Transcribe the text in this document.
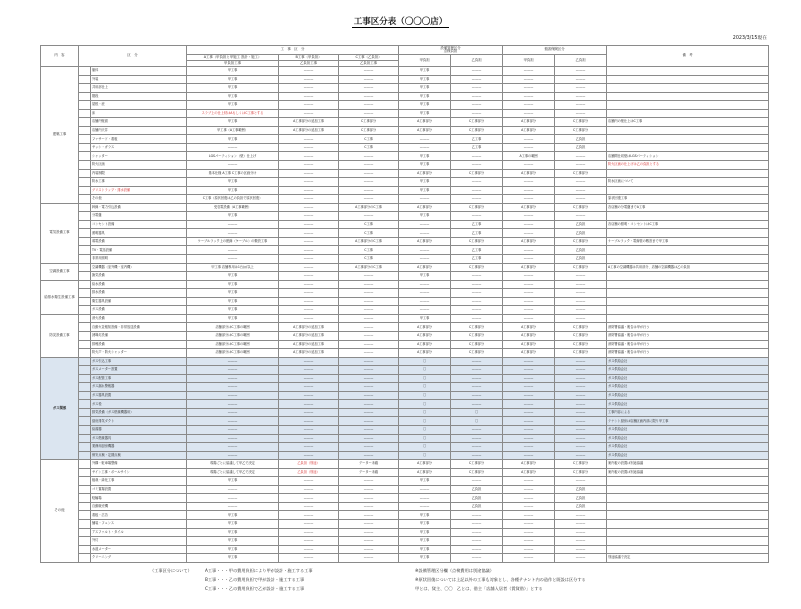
工事区分表（〇〇〇店）
2023/3/15現在
内　容	区　分		工　事　区　分			設備管理区分
点検負担		損害保険区分		備　考
			A工事（甲負担と甲施工 設計・施工）	B工事（甲負担）	C工事（乙負担）	甲負担	乙負担	甲負担	乙負担	
			甲負担工事	乙負担工事	乙負担工事					
建築工事		躯体	甲工事	———	———	甲工事	———	———	———	
		外装	甲工事	———	———	甲工事	———	———	———	
		共用部仕上	甲工事	———	———	甲工事	———	———	———	
		階段	甲工事	———	———	甲工事	———	———	———	
		屋根・庇	甲工事	———	———	甲工事	———	———	———	
		床	スラブ上の仕上材はAもしくはC工事とする	———	———	甲工事	———	———	———	
		店舗内壁面	甲工事	A工事部分の追加工事	C工事部分	A工事部分	C工事部分	A工事部分	C工事部分	店舗内の壁仕上はC工事
		店舗内天井	甲工事（A工事範囲）	A工事部分の追加工事	C工事部分	A工事部分	C工事部分	A工事部分	C工事部分	
		ファサード・看板	甲工事	———	C工事	———	乙工事	———	乙負担	
		サッシ・ガラス	———	———	C工事	———	乙工事	———	乙負担	
		シャッター	LGSパーティション（壁）仕上げ	———	———	甲工事	———	A工事の範囲	———	店舗間仕切壁はLGSパーティション
		防火区画	———	———	———	甲工事	———	———	———	防火区画の仕上げは乙の負担とする
		内装制限	基本仕様 A工事 C工事の区画分け	———	———	A工事部分	C工事部分	A工事部分	C工事部分	
		防水工事	甲工事	———	———	甲工事	———	———	———	防水区画について
		グリストラップ・排水設備	甲工事	———	———	甲工事	———	———	———	
		その他	C工事（原状回復は乙の負担で原状回復）	———	———	———	———	———	———	原状回復工事
電気設備工事		幹線・電力引込設備	受変電設備（A工事範囲）	———	A工事部分のC工事	A工事部分	C工事部分	A工事部分	C工事部分	各店舗の分電盤までA工事
		分電盤	甲工事	———	———	甲工事	———	———	———	
		コンセント設備	———	———	C工事	———	乙工事	———	乙負担	各店舗の照明・コンセントはC工事
		照明器具	———	———	C工事	———	乙工事	———	乙負担	
		弱電設備	ケーブルラック上の配線（ケーブル）の敷設工事	———	A工事部分のC工事	A工事部分	C工事部分	A工事部分	C工事部分	ケーブルラック・電線管の敷設まで甲工事
		TV・電話設備	———	———	C工事	———	乙工事	———	乙負担	
		非常用照明	———	———	C工事	———	乙工事	———	乙負担	
空調設備工事		空調機器（室外機・室内機）	甲工事 店舗専用は1台/㎡以上	———	A工事部分のC工事	A工事部分	C工事部分	A工事部分	C工事部分	A工事の空調機器は共用部分、店舗の空調機器は乙の負担
		換気設備	甲工事	———	———	甲工事	———	———	———	
給排水衛生設備工事		給水設備	甲工事	———	———	———	———	———	———	
		排水設備	甲工事	———	———	———	———	———	———	
		衛生器具設備	甲工事	———	———	———	———	———	———	
		ガス設備	甲工事	———	———	———	———	———	———	
防災設備工事		消火設備	甲工事	———	———	甲工事	———	———	———	
		自動火災報知設備・非常放送設備	店舗部分はC工事の範囲	A工事部分の追加工事	———	A工事部分	C工事部分	A工事部分	C工事部分	消防署協議・報告は甲が行う
		誘導灯設備	店舗部分はC工事の範囲	A工事部分の追加工事	———	A工事部分	C工事部分	A工事部分	C工事部分	消防署協議・報告は甲が行う
		排煙設備	店舗部分はC工事の範囲	A工事部分の追加工事	———	A工事部分	C工事部分	A工事部分	C工事部分	消防署協議・報告は甲が行う
		防火戸・防火シャッター	店舗部分はC工事の範囲	A工事部分の追加工事	———	A工事部分	C工事部分	A工事部分	C工事部分	消防署協議・報告は甲が行う
ガス関係		ガス引込工事	———	———	———	〇	———	———	———	ガス供給会社
		ガスメーター設置	———	———	———	〇	———	———	———	ガス供給会社
		ガス配管工事	———	———	———	〇	———	———	———	ガス供給会社
		ガス漏れ警報器	———	———	———	〇	———	———	———	ガス供給会社
		ガス器具設置	———	———	———	〇	———	———	———	ガス供給会社
		ガス栓	———	———	———	〇	———	———	———	ガス供給会社
		排気設備（ガス燃焼機器用）	———	———	———	〇	〇	———	———	工事内容による
		厨房排気ダクト	———	———	———	〇	〇	———	———	テナント厨房は店舗区画内部に限り甲工事
		給湯器	———	———	———	〇	———	———	———	ガス供給会社
		ガス燃焼器具	———	———	———	〇	———	———	———	ガス供給会社
		業務用厨房機器	———	———	———	〇	———	———	———	ガス供給会社
		保安点検・定期点検	———	———	———	〇	———	———	———	ガス供給会社
その他		外構・駐車場整備	現場ごとに協議して甲乙で決定	乙負担（別途）	データー未確	A工事部分	C工事部分	A工事部分	C工事部分	案内板の設置は別途協議
		サイン工事・ポールサイン	現場ごとに協議して甲乙で決定	乙負担（別途）	データー未確	A工事部分	C工事部分	A工事部分	C工事部分	案内板の設置は別途協議
		植栽・緑化工事	甲工事	———	———	甲工事	———	———	———	
		ゴミ置場設置	———	———	———	———	乙負担	———	乙負担	
		駐輪場	———	———	———	———	乙負担	———	乙負担	
		自動販売機	———	———	———	———	乙負担	———	乙負担	
		看板・広告	甲工事	———	———	甲工事	———	———	———	
		舗装・フェンス	甲工事	———	———	甲工事	———	———	———	
		アスファルト・タイル	甲工事	———	———	甲工事	———	———	———	
		外灯	甲工事	———	———	甲工事	———	———	———	
		水道メーター	甲工事	———	———	甲工事	———	———	———	
		クリーニング	甲工事	———	———	甲工事	———	———	———	別途協議で決定
（工事区分について）	A工事・・・甲の費用負担により甲が設計・施工する工事
B工事・・・乙の費用負担で甲が設計・施工する工事
C工事・・・乙の費用負担で乙が設計・施工する工事
※設備管理区分欄（点検費用は別途協議）
※原状回復については上記以外の工事も対象とし、各種テナント内の造作と既設は区分する
甲とは、貸主、〇〇　乙とは、借主「店舗入居者（賃貸借）」とする
